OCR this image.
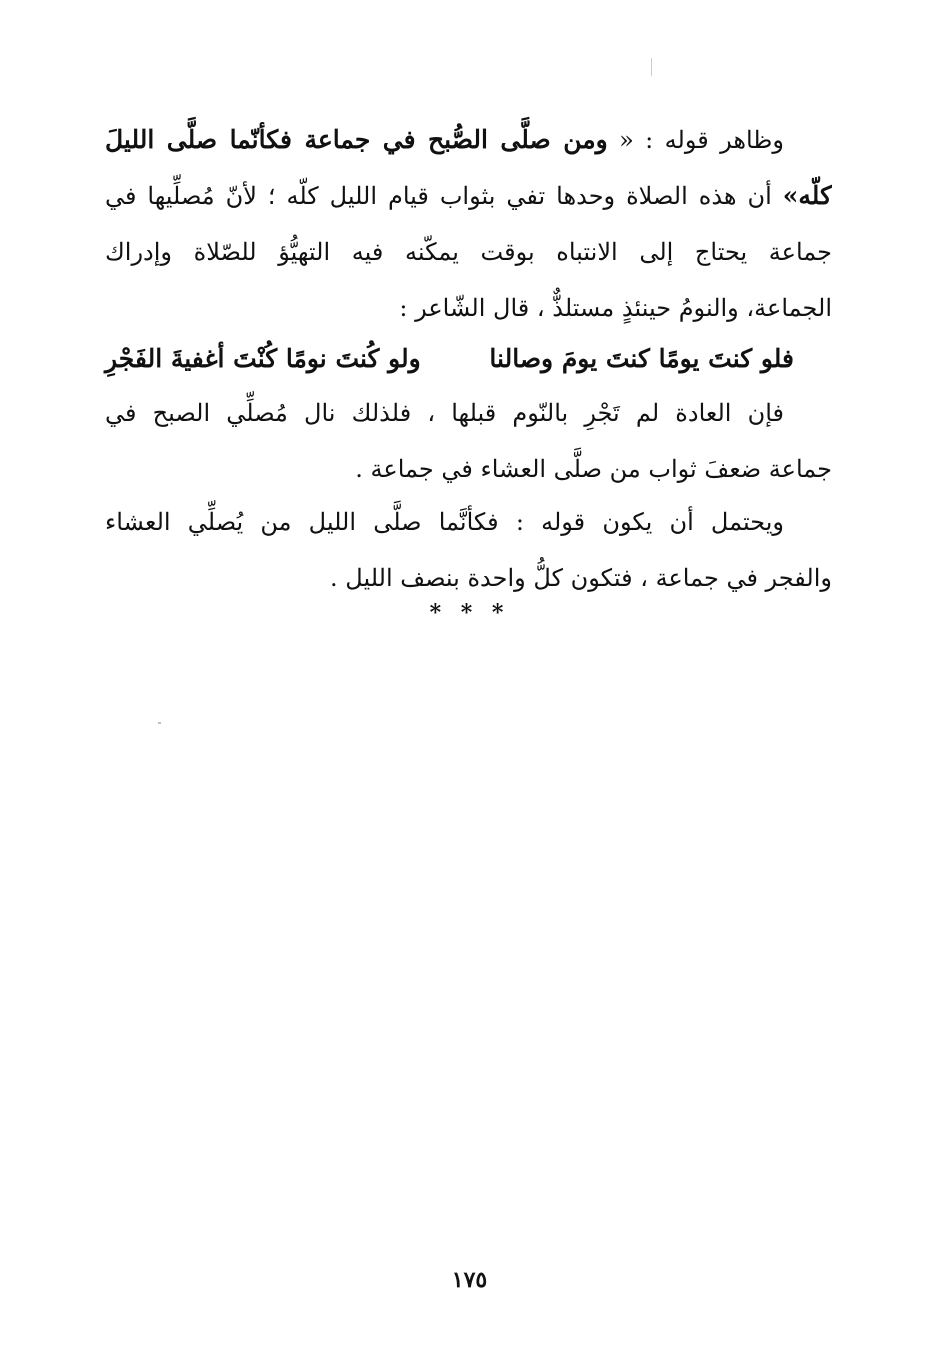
وظاهر قوله : « ومن صلَّى الصُّبح في جماعة فكأنّما صلَّى الليلَ
كلّه» أن هذه الصلاة وحدها تفي بثواب قيام الليل كلّه ؛ لأنّ مُصلِّيها في
جماعة يحتاج إلى الانتباه بوقت يمكّنه فيه التهيُّؤ للصّلاة وإدراك
الجماعة، والنومُ حينئذٍ مستلذٌّ ، قال الشّاعر :
فلو كنتَ يومًا كنتَ يومَ وصالنا
ولو كُنتَ نومًا كُنْتَ أغفيةَ الفَجْرِ
فإن العادة لم تَجْرِ بالنّوم قبلها ، فلذلك نال مُصلِّي الصبح في
جماعة ضعفَ ثواب من صلَّى العشاء في جماعة .
ويحتمل أن يكون قوله : فكأنَّما صلَّى الليل من يُصلِّي العشاء
والفجر في جماعة ، فتكون كلُّ واحدة بنصف الليل .
* * *
١٧٥
